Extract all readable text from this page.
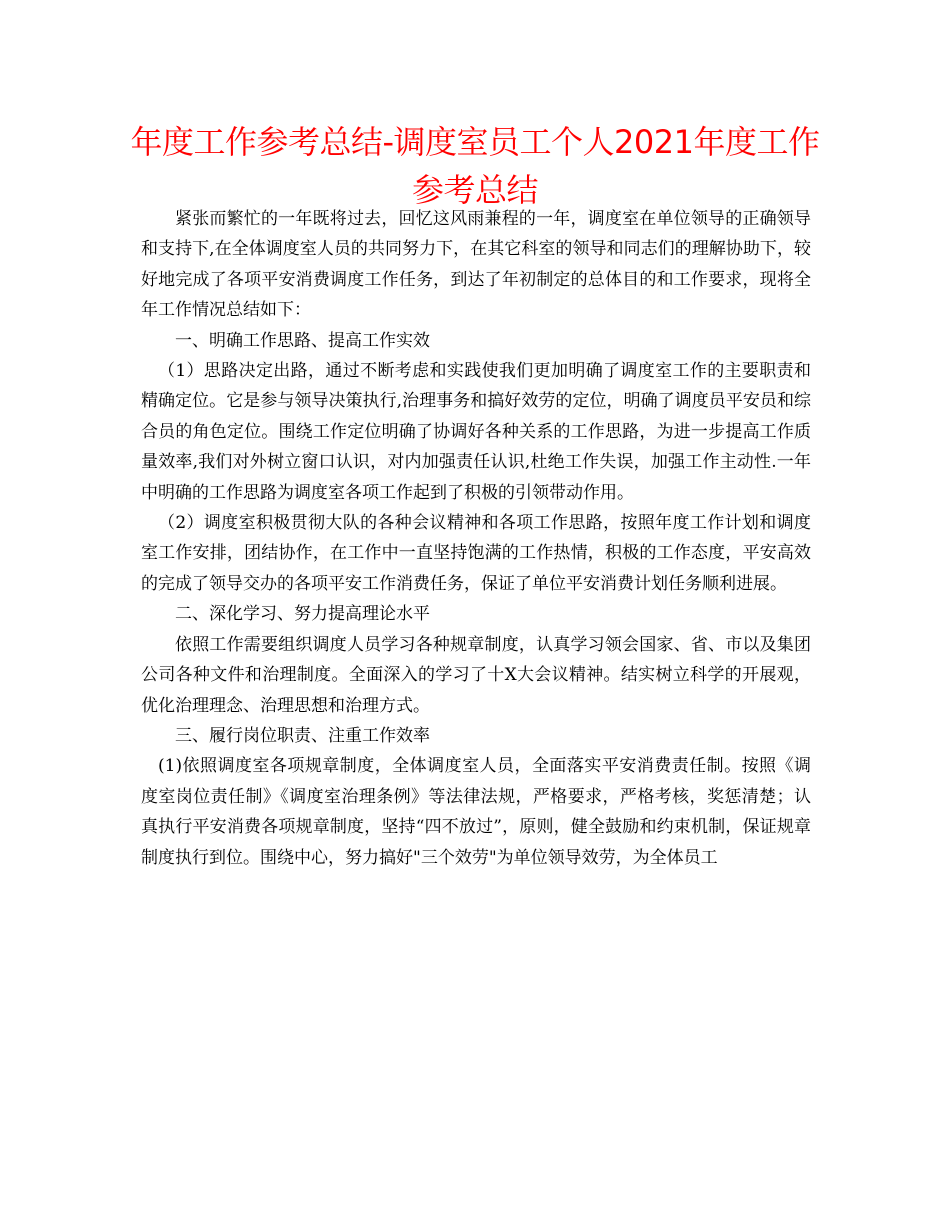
年度工作参考总结-调度室员工个人2021年度工作参考总结

紧张而繁忙的一年既将过去，回忆这风雨兼程的一年，调度室在单位领导的正确领导和支持下,在全体调度室人员的共同努力下，在其它科室的领导和同志们的理解协助下，较好地完成了各项平安消费调度工作任务，到达了年初制定的总体目的和工作要求，现将全年工作情况总结如下：

一、明确工作思路、提高工作实效

（1）思路决定出路，通过不断考虑和实践使我们更加明确了调度室工作的主要职责和精确定位。它是参与领导决策执行,治理事务和搞好效劳的定位，明确了调度员平安员和综合员的角色定位。围绕工作定位明确了协调好各种关系的工作思路，为进一步提高工作质量效率,我们对外树立窗口认识，对内加强责任认识,杜绝工作失误，加强工作主动性.一年中明确的工作思路为调度室各项工作起到了积极的引领带动作用。

（2）调度室积极贯彻大队的各种会议精神和各项工作思路，按照年度工作计划和调度室工作安排，团结协作，在工作中一直坚持饱满的工作热情，积极的工作态度，平安高效的完成了领导交办的各项平安工作消费任务，保证了单位平安消费计划任务顺利进展。

二、深化学习、努力提高理论水平

依照工作需要组织调度人员学习各种规章制度，认真学习领会国家、省、市以及集团公司各种文件和治理制度。全面深入的学习了十X大会议精神。结实树立科学的开展观，优化治理理念、治理思想和治理方式。

三、履行岗位职责、注重工作效率

(1)依照调度室各项规章制度，全体调度室人员，全面落实平安消费责任制。按照《调度室岗位责任制》《调度室治理条例》等法律法规，严格要求，严格考核，奖惩清楚；认真执行平安消费各项规章制度，坚持“四不放过”，原则，健全鼓励和约束机制，保证规章制度执行到位。围绕中心，努力搞好"三个效劳"为单位领导效劳，为全体员工
